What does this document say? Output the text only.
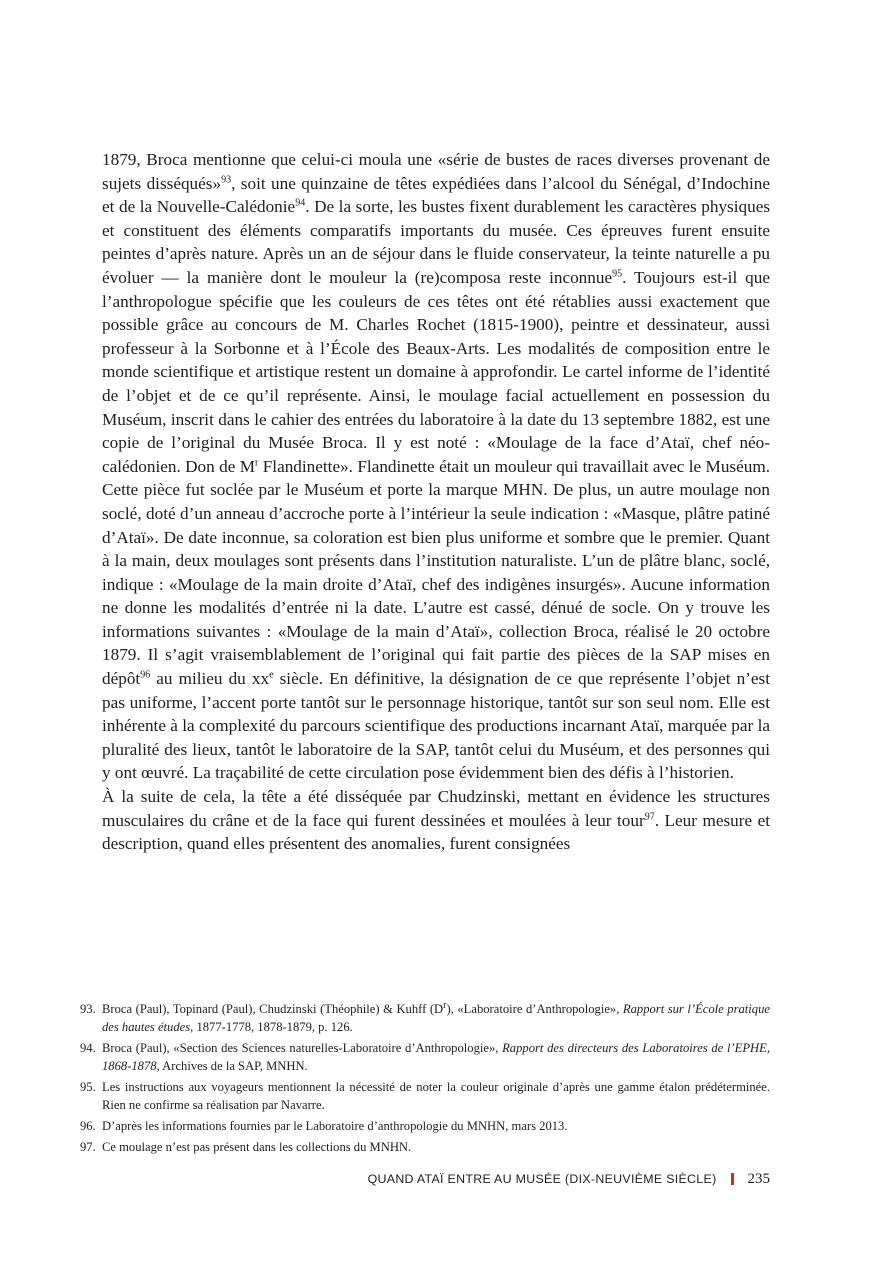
1879, Broca mentionne que celui-ci moula une «série de bustes de races diverses provenant de sujets disséqués»$^{93}$, soit une quinzaine de têtes expédiées dans l’alcool du Sénégal, d’Indochine et de la Nouvelle-Calédonie$^{94}$. De la sorte, les bustes fixent durablement les caractères physiques et constituent des éléments comparatifs importants du musée. Ces épreuves furent ensuite peintes d’après nature. Après un an de séjour dans le fluide conservateur, la teinte naturelle a pu évoluer — la manière dont le mouleur la (re)composa reste inconnue$^{95}$. Toujours est-il que l’anthropologue spécifie que les couleurs de ces têtes ont été rétablies aussi exactement que possible grâce au concours de M. Charles Rochet (1815-1900), peintre et dessinateur, aussi professeur à la Sorbonne et à l’École des Beaux-Arts. Les modalités de composition entre le monde scientifique et artistique restent un domaine à approfondir. Le cartel informe de l’identité de l’objet et de ce qu’il représente. Ainsi, le moulage facial actuellement en possession du Muséum, inscrit dans le cahier des entrées du laboratoire à la date du 13 septembre 1882, est une copie de l’original du Musée Broca. Il y est noté : «Moulage de la face d’Ataï, chef néo-calédonien. Don de $M^r$ Flandinette». Flandinette était un mouleur qui travaillait avec le Muséum. Cette pièce fut soclée par le Muséum et porte la marque MHN. De plus, un autre moulage non soclé, doté d’un anneau d’accroche porte à l’intérieur la seule indication : «Masque, plâtre patiné d’Ataï». De date inconnue, sa coloration est bien plus uniforme et sombre que le premier. Quant à la main, deux moulages sont présents dans l’institution naturaliste. L’un de plâtre blanc, soclé, indique : «Moulage de la main droite d’Ataï, chef des indigènes insurgés». Aucune information ne donne les modalités d’entrée ni la date. L’autre est cassé, dénué de socle. On y trouve les informations suivantes : «Moulage de la main d’Ataï», collection Broca, réalisé le 20 octobre 1879. Il s’agit vraisemblablement de l’original qui fait partie des pièces de la SAP mises en dépôt$^{96}$ au milieu du $xx^e$ siècle. En définitive, la désignation de ce que représente l’objet n’est pas uniforme, l’accent porte tantôt sur le personnage historique, tantôt sur son seul nom. Elle est inhérente à la complexité du parcours scientifique des productions incarnant Ataï, marquée par la pluralité des lieux, tantôt le laboratoire de la SAP, tantôt celui du Muséum, et des personnes qui y ont œuvré. La traçabilité de cette circulation pose évidemment bien des défis à l’historien.

À la suite de cela, la tête a été disséquée par Chudzinski, mettant en évidence les structures musculaires du crâne et de la face qui furent dessinées et moulées à leur tour$^{97}$. Leur mesure et description, quand elles présentent des anomalies, furent consignées

93. Broca (Paul), Topinard (Paul), Chudzinski (Théophile) & Kuhff $(D^r)$, «Laboratoire d’Anthropologie», Rapport sur l’École pratique des hautes études, 1877-1778, 1878-1879, p. 126.
94. Broca (Paul), «Section des Sciences naturelles-Laboratoire d’Anthropologie», Rapport des directeurs des Laboratoires de l’EPHE, 1868-1878, Archives de la SAP, MNHN.
95. Les instructions aux voyageurs mentionnent la nécessité de noter la couleur originale d’après une gamme étalon prédéterminée. Rien ne confirme sa réalisation par Navarre.
96. D’après les informations fournies par le Laboratoire d’anthropologie du MNHN, mars 2013.
97. Ce moulage n’est pas présent dans les collections du MNHN.
QUAND ATAÏ ENTRE AU MUSÉE (DIX-NEUVIÈME SIÈCLE) 235
